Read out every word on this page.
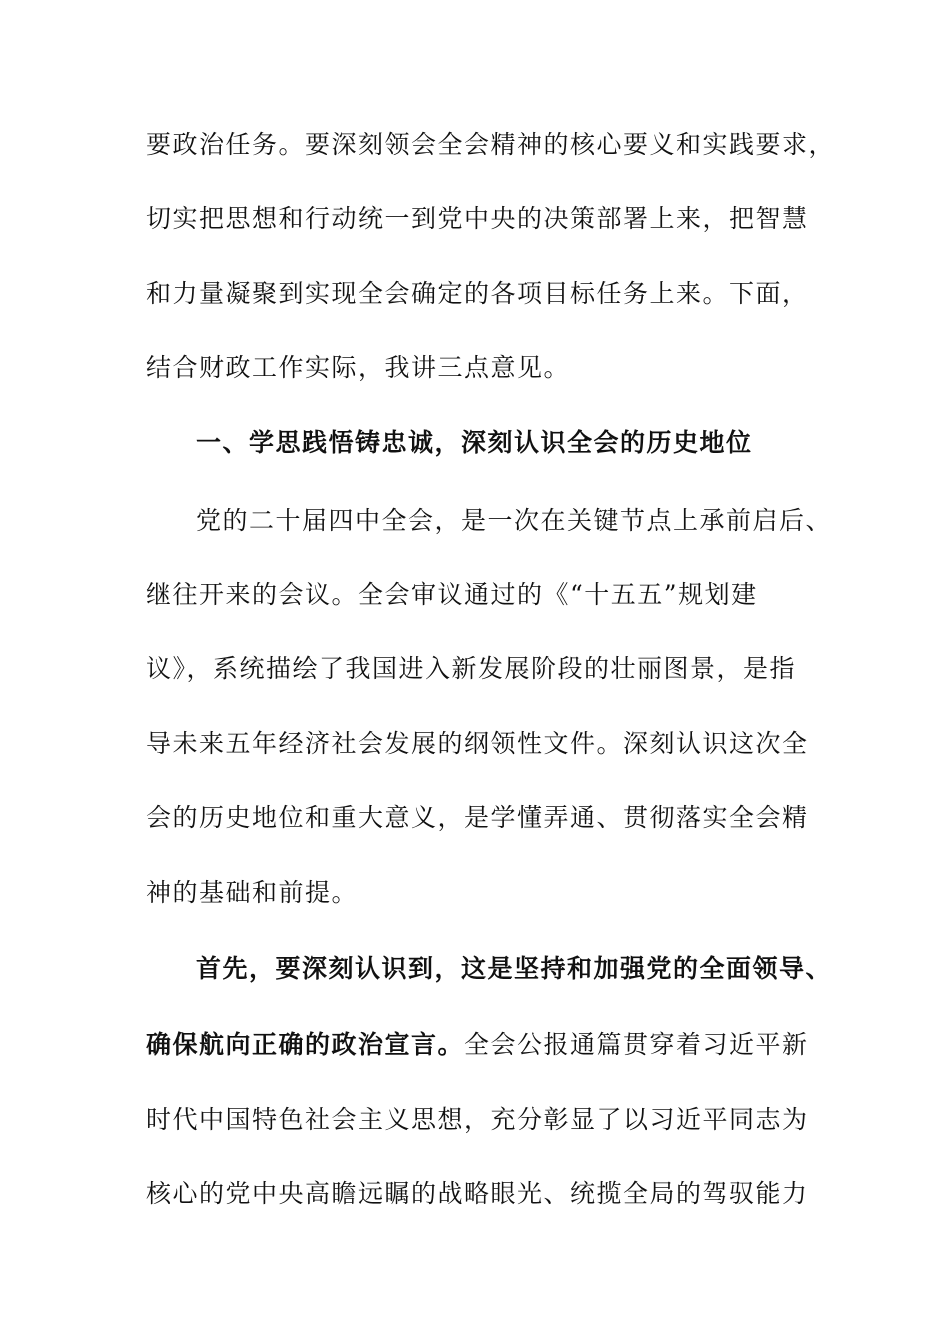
要政治任务。要深刻领会全会精神的核心要义和实践要求，
切实把思想和行动统一到党中央的决策部署上来，把智慧
和力量凝聚到实现全会确定的各项目标任务上来。下面，
结合财政工作实际，我讲三点意见。
一、学思践悟铸忠诚，深刻认识全会的历史地位
党的二十届四中全会，是一次在关键节点上承前启后、
继往开来的会议。全会审议通过的《“十五五”规划建
议》，系统描绘了我国进入新发展阶段的壮丽图景，是指
导未来五年经济社会发展的纲领性文件。深刻认识这次全
会的历史地位和重大意义，是学懂弄通、贯彻落实全会精
神的基础和前提。
首先，要深刻认识到，这是坚持和加强党的全面领导、
确保航向正确的政治宣言。全会公报通篇贯穿着习近平新
时代中国特色社会主义思想，充分彰显了以习近平同志为
核心的党中央高瞻远瞩的战略眼光、统揽全局的驾驭能力
